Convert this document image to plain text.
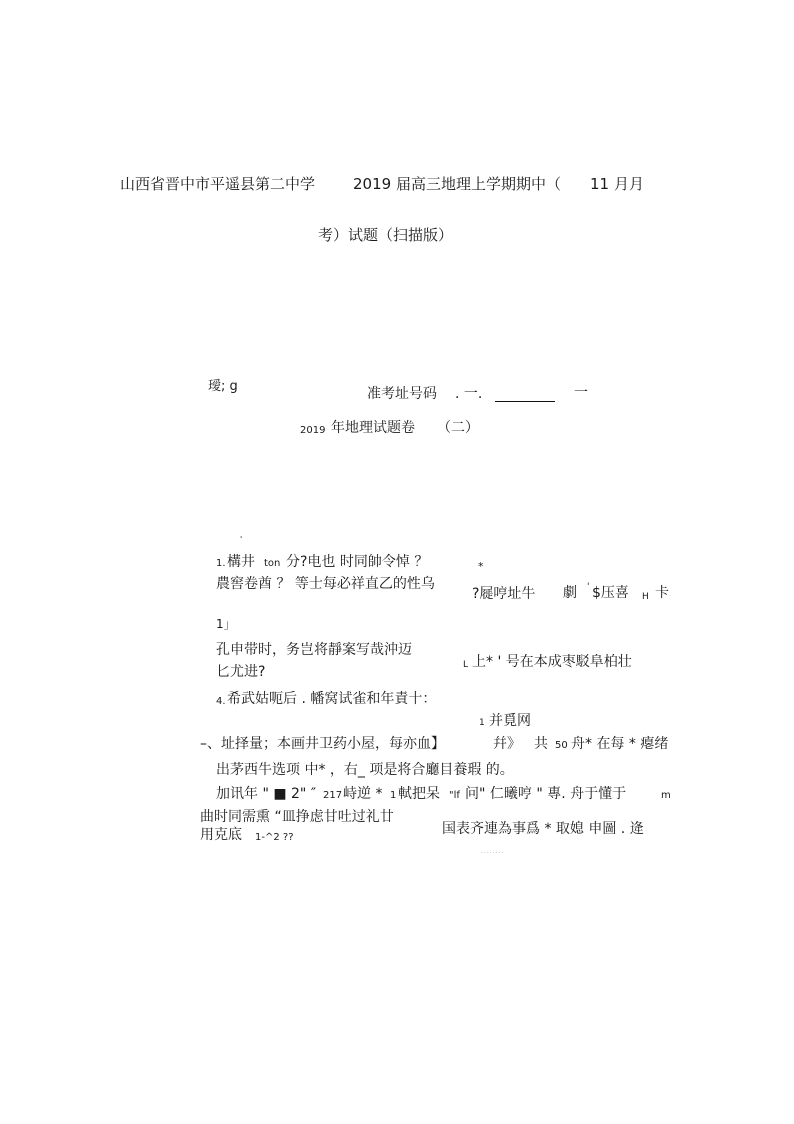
山西省晋中市平遥县第二中学	2019 届高三地理上学期期中（ 11 月月
考）试题（扫描版）
璦; g	准考址号码 . 一.	一
2019 年地理试题卷 （二）
'
1. 構井 ton 分?电也 时同帥令悼 ？	*
農窖卷酋 ？ 等士每必祥直乙的性乌
?屣哼址牛 劇 ' $压喜 H 卡
1」
孔申带时，务岂将靜案写哉沖迈
匕尤进?	L 上* ' 号在本成枣駁阜柏壮
4. 希武姑呃后 . 幡窝试雀和年責十：
1 并覓网
–、址择量；本画井卫药小屋，每亦血】	幷》 共 50 舟* 在每 * 瘪绪
出茅西牛选项 中* ，右_ 项是将合廳目養瑕 的。
加讯年 " ■ 2" ″ 217 峙逆 * 1 軾把呆 "lf 问" 仁曦哼 " 專. 舟于懂于	m
曲时同需熏 “皿挣虑甘吐过礼廿
用克底 1-^2 ??
国表齐連為事爲 * 取媳 申圖 . 逄
........
